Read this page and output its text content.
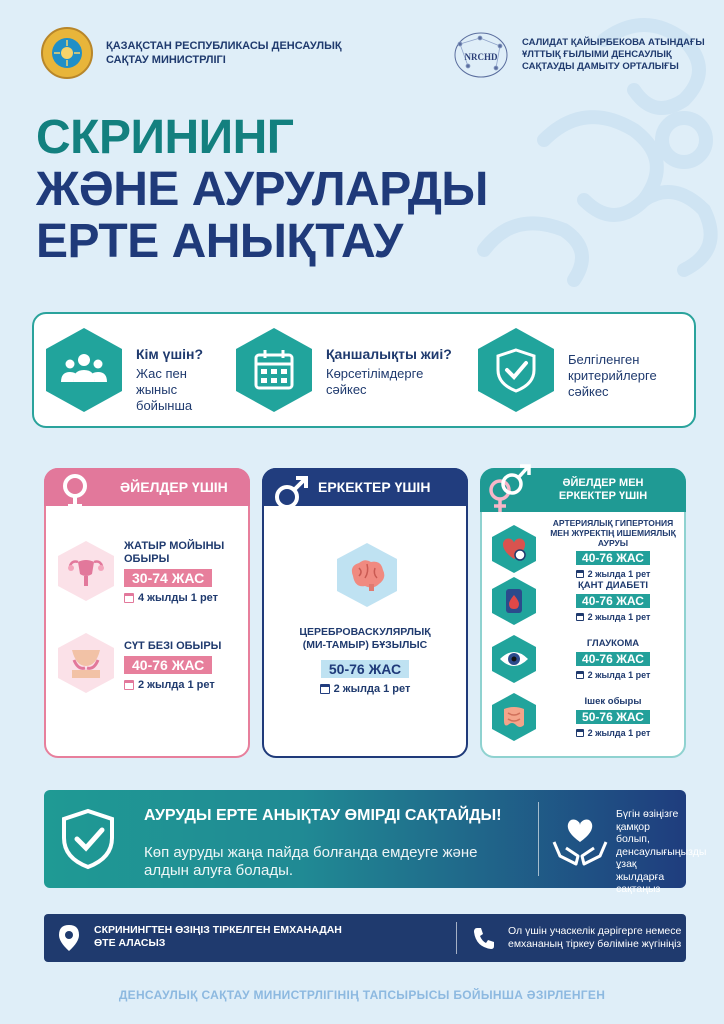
ҚАЗАҚСТАН РЕСПУБЛИКАСЫ ДЕНСАУЛЫҚ
САҚТАУ МИНИСТРЛІГІ	NRCHD
САЛИДАТ ҚАЙЫРБЕКОВА АТЫНДАҒЫ
ҰЛТТЫҚ ҒЫЛЫМИ ДЕНСАУЛЫҚ
САҚТАУДЫ ДАМЫТУ ОРТАЛЫҒЫ
СКРИНИНГ
ЖӘНЕ АУРУЛАРДЫ
ЕРТЕ АНЫҚТАУ
Кім үшін?
Жас пен
жыныс
бойынша
Қаншалықты жиі?
Көрсетілімдерге
сәйкес
Белгіленген
критерийлерге
сәйкес
ӘЙЕЛДЕР ҮШІН
ЖАТЫР МОЙЫНЫ
ОБЫРЫ
30-74 ЖАС
4 жылды 1 рет
СҮТ БЕЗІ ОБЫРЫ
40-76 ЖАС
2 жылда 1 рет
ЕРКЕКТЕР ҮШІН
ЦЕРЕБРОВАСКУЛЯРЛЫҚ
(МИ-ТАМЫР) БҰЗЫЛЫС
50-76 ЖАС
2 жылда 1 рет
ӘЙЕЛДЕР МЕН
ЕРКЕКТЕР ҮШІН
АРТЕРИЯЛЫҚ ГИПЕРТОНИЯ
МЕН ЖҮРЕКТІҢ ИШЕМИЯЛЫҚ
АУРУЫ
40-76 ЖАС
2 жылда 1 рет
ҚАНТ ДИАБЕТІ
40-76 ЖАС
2 жылда 1 рет
ГЛАУКОМА
40-76 ЖАС
2 жылда 1 рет
Ішек обыры
50-76 ЖАС
2 жылда 1 рет
АУРУДЫ ЕРТЕ АНЫҚТАУ ӨМІРДІ САҚТАЙДЫ!
Көп ауруды жаңа пайда болғанда емдеуге және алдын алуға болады.
Бүгін өзіңізге
қамқор болып,
денсаулығыңызды
ұзақ жылдарға
сақтаңыз
СКРИНИНГТЕН ӨЗІҢІЗ ТІРКЕЛГЕН ЕМХАНАДАН
ӨТЕ АЛАСЫЗ
Ол үшін учаскелік дәрігерге немесе
емхананың тіркеу бөліміне жүгініңіз
ДЕНСАУЛЫҚ САҚТАУ МИНИСТРЛІГІНІҢ ТАПСЫРЫСЫ БОЙЫНША ӘЗІРЛЕНГЕН
